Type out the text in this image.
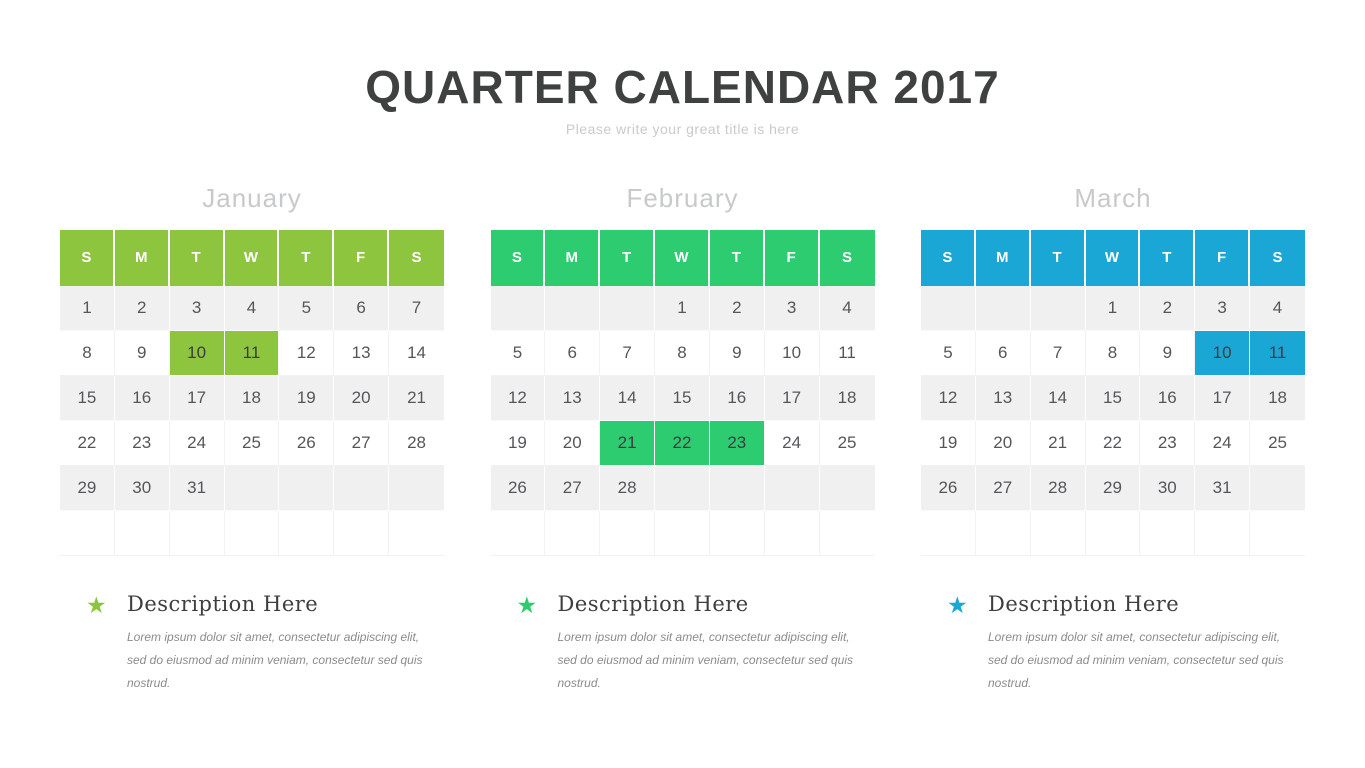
QUARTER CALENDAR 2017
Please write your great title is here
January
S	M	T	W	T	F	S
1	2	3	4	5	6	7
8	9	10	11	12	13	14
15	16	17	18	19	20	21
22	23	24	25	26	27	28
29	30	31				

★ Description Here

Lorem ipsum dolor sit amet, consectetur adipiscing elit, sed do eiusmod ad minim veniam, consectetur sed quis nostrud.

February
S	M	T	W	T	F	S
			1	2	3	4
5	6	7	8	9	10	11
12	13	14	15	16	17	18
19	20	21	22	23	24	25
26	27	28				

★ Description Here

Lorem ipsum dolor sit amet, consectetur adipiscing elit, sed do eiusmod ad minim veniam, consectetur sed quis nostrud.

March
S	M	T	W	T	F	S
			1	2	3	4
5	6	7	8	9	10	11
12	13	14	15	16	17	18
19	20	21	22	23	24	25
26	27	28	29	30	31	

★ Description Here

Lorem ipsum dolor sit amet, consectetur adipiscing elit, sed do eiusmod ad minim veniam, consectetur sed quis nostrud.
